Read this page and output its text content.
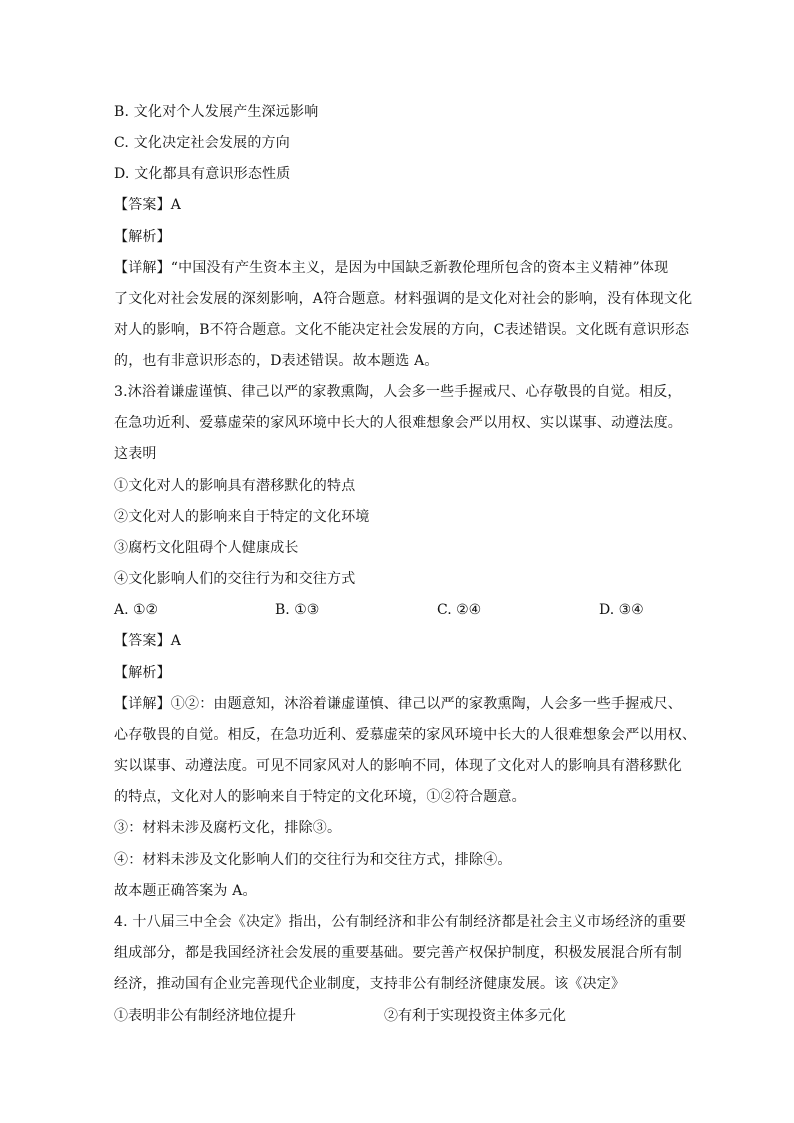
B. 文化对个人发展产生深远影响
C. 文化决定社会发展的方向
D. 文化都具有意识形态性质
【答案】A
【解析】
【详解】“中国没有产生资本主义，是因为中国缺乏新教伦理所包含的资本主义精神”体现
了文化对社会发展的深刻影响，A符合题意。材料强调的是文化对社会的影响，没有体现文化
对人的影响，B不符合题意。文化不能决定社会发展的方向，C表述错误。文化既有意识形态
的，也有非意识形态的，D表述错误。故本题选 A。
3.沐浴着谦虚谨慎、律己以严的家教熏陶，人会多一些手握戒尺、心存敬畏的自觉。相反，
在急功近利、爱慕虚荣的家风环境中长大的人很难想象会严以用权、实以谋事、动遵法度。
这表明
①文化对人的影响具有潜移默化的特点
②文化对人的影响来自于特定的文化环境
③腐朽文化阻碍个人健康成长
④文化影响人们的交往行为和交往方式
A. ①②	B. ①③	C. ②④	D. ③④
【答案】A
【解析】
【详解】①②：由题意知，沐浴着谦虚谨慎、律己以严的家教熏陶，人会多一些手握戒尺、
心存敬畏的自觉。相反，在急功近利、爱慕虚荣的家风环境中长大的人很难想象会严以用权、
实以谋事、动遵法度。可见不同家风对人的影响不同，体现了文化对人的影响具有潜移默化
的特点，文化对人的影响来自于特定的文化环境，①②符合题意。
③：材料未涉及腐朽文化，排除③。
④：材料未涉及文化影响人们的交往行为和交往方式，排除④。
故本题正确答案为 A。
4. 十八届三中全会《决定》指出，公有制经济和非公有制经济都是社会主义市场经济的重要
组成部分，都是我国经济社会发展的重要基础。要完善产权保护制度，积极发展混合所有制
经济，推动国有企业完善现代企业制度，支持非公有制经济健康发展。该《决定》
①表明非公有制经济地位提升	②有利于实现投资主体多元化
